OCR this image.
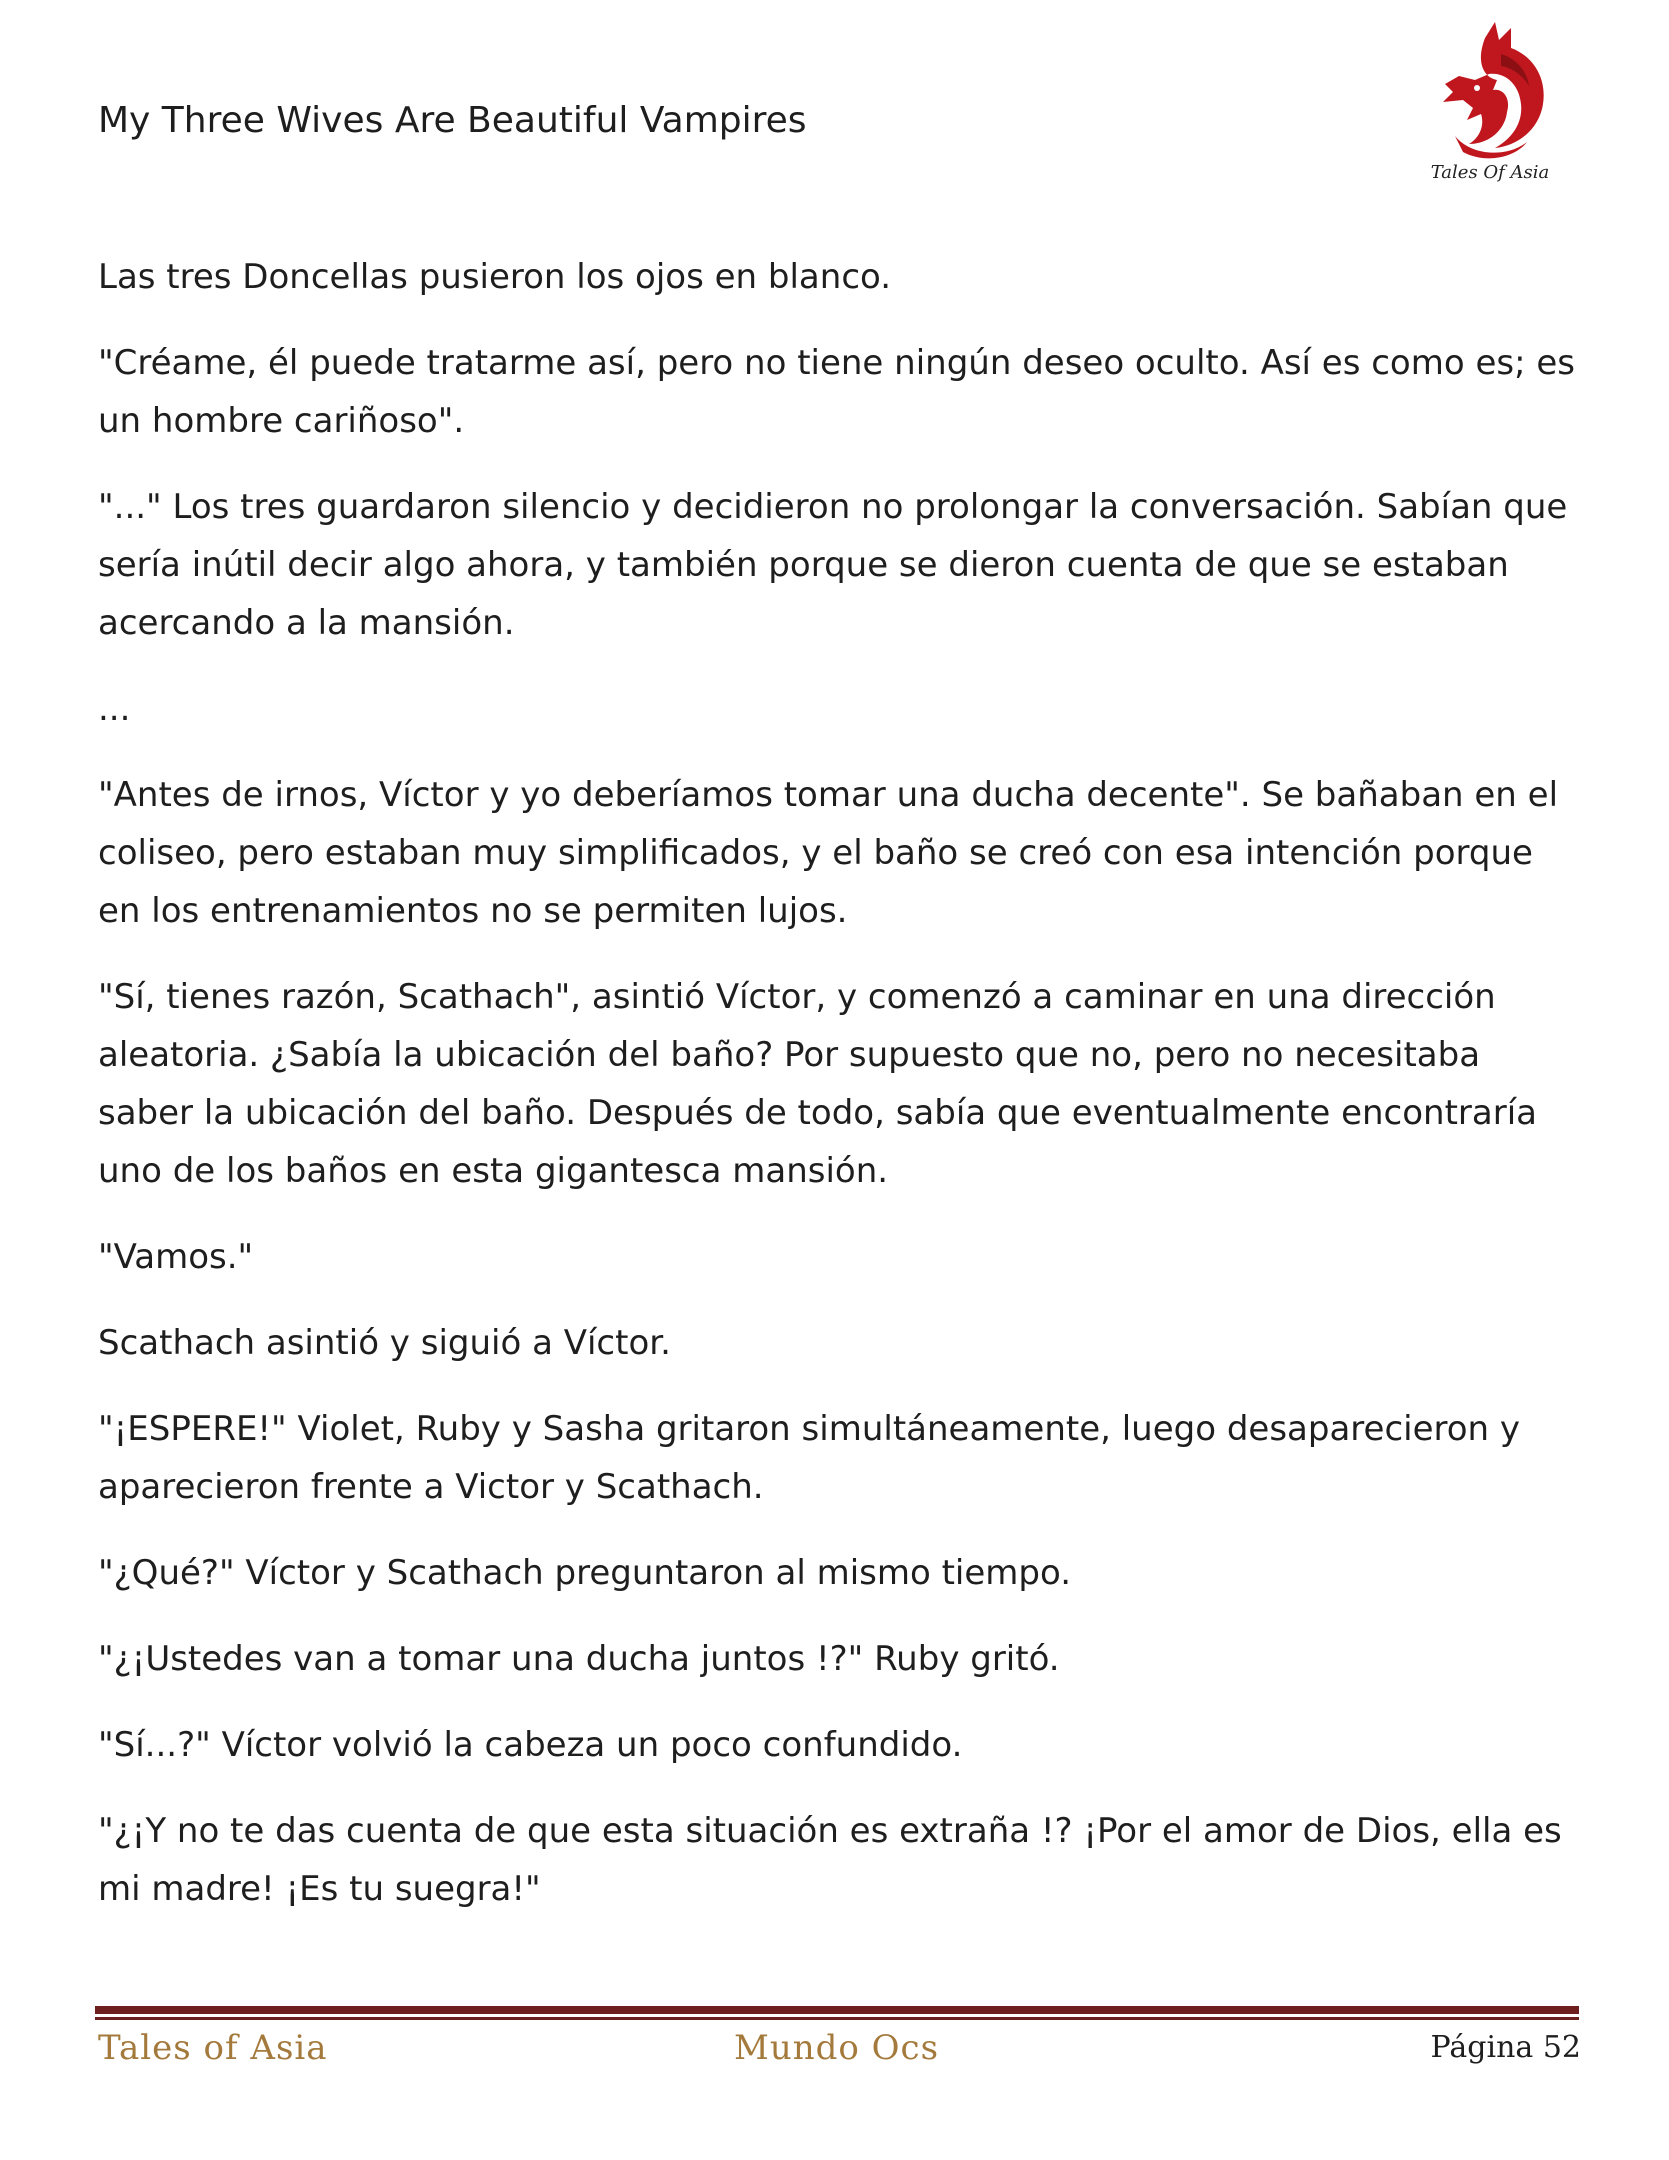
My Three Wives Are Beautiful Vampires
Tales Of Asia

Las tres Doncellas pusieron los ojos en blanco.

"Créame, él puede tratarme así, pero no tiene ningún deseo oculto. Así es como es; es un hombre cariñoso".

"..." Los tres guardaron silencio y decidieron no prolongar la conversación. Sabían que sería inútil decir algo ahora, y también porque se dieron cuenta de que se estaban acercando a la mansión.

...

"Antes de irnos, Víctor y yo deberíamos tomar una ducha decente". Se bañaban en el coliseo, pero estaban muy simplificados, y el baño se creó con esa intención porque en los entrenamientos no se permiten lujos.

"Sí, tienes razón, Scathach", asintió Víctor, y comenzó a caminar en una dirección aleatoria. ¿Sabía la ubicación del baño? Por supuesto que no, pero no necesitaba saber la ubicación del baño. Después de todo, sabía que eventualmente encontraría uno de los baños en esta gigantesca mansión.

"Vamos."

Scathach asintió y siguió a Víctor.

"¡ESPERE!" Violet, Ruby y Sasha gritaron simultáneamente, luego desaparecieron y aparecieron frente a Victor y Scathach.

"¿Qué?" Víctor y Scathach preguntaron al mismo tiempo.

"¿¡Ustedes van a tomar una ducha juntos !?" Ruby gritó.

"Sí...?" Víctor volvió la cabeza un poco confundido.

"¿¡Y no te das cuenta de que esta situación es extraña !? ¡Por el amor de Dios, ella es mi madre! ¡Es tu suegra!"

Tales of Asia	Mundo Ocs	Página 52
